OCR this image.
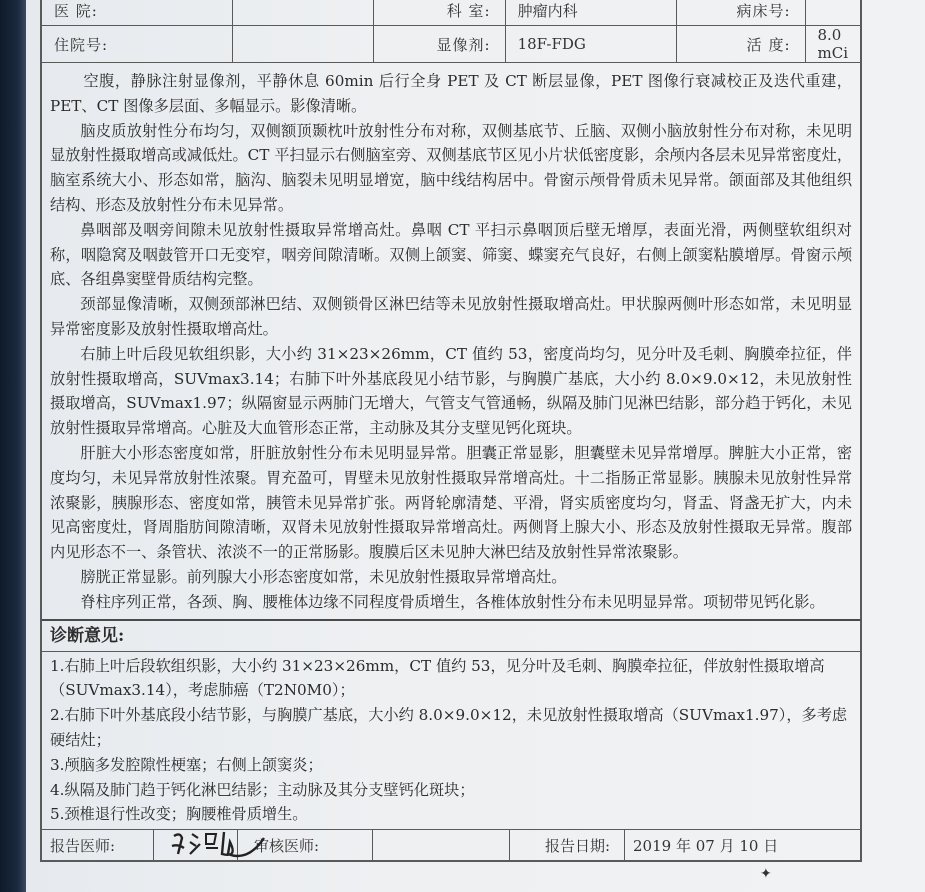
医 院:		科 室:	肿瘤内科	病床号:	
住院号:		显像剂:	18F-FDG	活 度:	8.0 mCi

空腹，静脉注射显像剂，平静休息 60min 后行全身 PET 及 CT 断层显像，PET 图像行衰减校正及迭代重建，PET、CT 图像多层面、多幅显示。影像清晰。

脑皮质放射性分布均匀，双侧额顶颞枕叶放射性分布对称，双侧基底节、丘脑、双侧小脑放射性分布对称，未见明显放射性摄取增高或减低灶。CT 平扫显示右侧脑室旁、双侧基底节区见小片状低密度影，余颅内各层未见异常密度灶，脑室系统大小、形态如常，脑沟、脑裂未见明显增宽，脑中线结构居中。骨窗示颅骨骨质未见异常。颌面部及其他组织结构、形态及放射性分布未见异常。

鼻咽部及咽旁间隙未见放射性摄取异常增高灶。鼻咽 CT 平扫示鼻咽顶后壁无增厚，表面光滑，两侧壁软组织对称，咽隐窝及咽鼓管开口无变窄，咽旁间隙清晰。双侧上颌窦、筛窦、蝶窦充气良好，右侧上颌窦粘膜增厚。骨窗示颅底、各组鼻窦壁骨质结构完整。

颈部显像清晰，双侧颈部淋巴结、双侧锁骨区淋巴结等未见放射性摄取增高灶。甲状腺两侧叶形态如常，未见明显异常密度影及放射性摄取增高灶。

右肺上叶后段见软组织影，大小约 31×23×26mm，CT 值约 53，密度尚均匀，见分叶及毛刺、胸膜牵拉征，伴放射性摄取增高，SUVmax3.14；右肺下叶外基底段见小结节影，与胸膜广基底，大小约 8.0×9.0×12，未见放射性摄取增高，SUVmax1.97；纵隔窗显示两肺门无增大，气管支气管通畅，纵隔及肺门见淋巴结影，部分趋于钙化，未见放射性摄取异常增高。心脏及大血管形态正常，主动脉及其分支壁见钙化斑块。

肝脏大小形态密度如常，肝脏放射性分布未见明显异常。胆囊正常显影，胆囊壁未见异常增厚。脾脏大小正常，密度均匀，未见异常放射性浓聚。胃充盈可，胃壁未见放射性摄取异常增高灶。十二指肠正常显影。胰腺未见放射性异常浓聚影，胰腺形态、密度如常，胰管未见异常扩张。两肾轮廓清楚、平滑，肾实质密度均匀，肾盂、肾盏无扩大，内未见高密度灶，肾周脂肪间隙清晰，双肾未见放射性摄取异常增高灶。两侧肾上腺大小、形态及放射性摄取无异常。腹部内见形态不一、条管状、浓淡不一的正常肠影。腹膜后区未见肿大淋巴结及放射性异常浓聚影。

膀胱正常显影。前列腺大小形态密度如常，未见放射性摄取异常增高灶。

脊柱序列正常，各颈、胸、腰椎体边缘不同程度骨质增生，各椎体放射性分布未见明显异常。项韧带见钙化影。

诊断意见:

1.右肺上叶后段软组织影，大小约 31×23×26mm，CT 值约 53，见分叶及毛刺、胸膜牵拉征，伴放射性摄取增高（SUVmax3.14），考虑肺癌（T2N0M0）；

2.右肺下叶外基底段小结节影，与胸膜广基底，大小约 8.0×9.0×12，未见放射性摄取增高（SUVmax1.97），多考虑硬结灶；

3.颅脑多发腔隙性梗塞；右侧上颌窦炎；

4.纵隔及肺门趋于钙化淋巴结影；主动脉及其分支壁钙化斑块；

5.颈椎退行性改变；胸腰椎骨质增生。

报告医师:		审核医师:		报告日期:	2019 年 07 月 10 日
✦
